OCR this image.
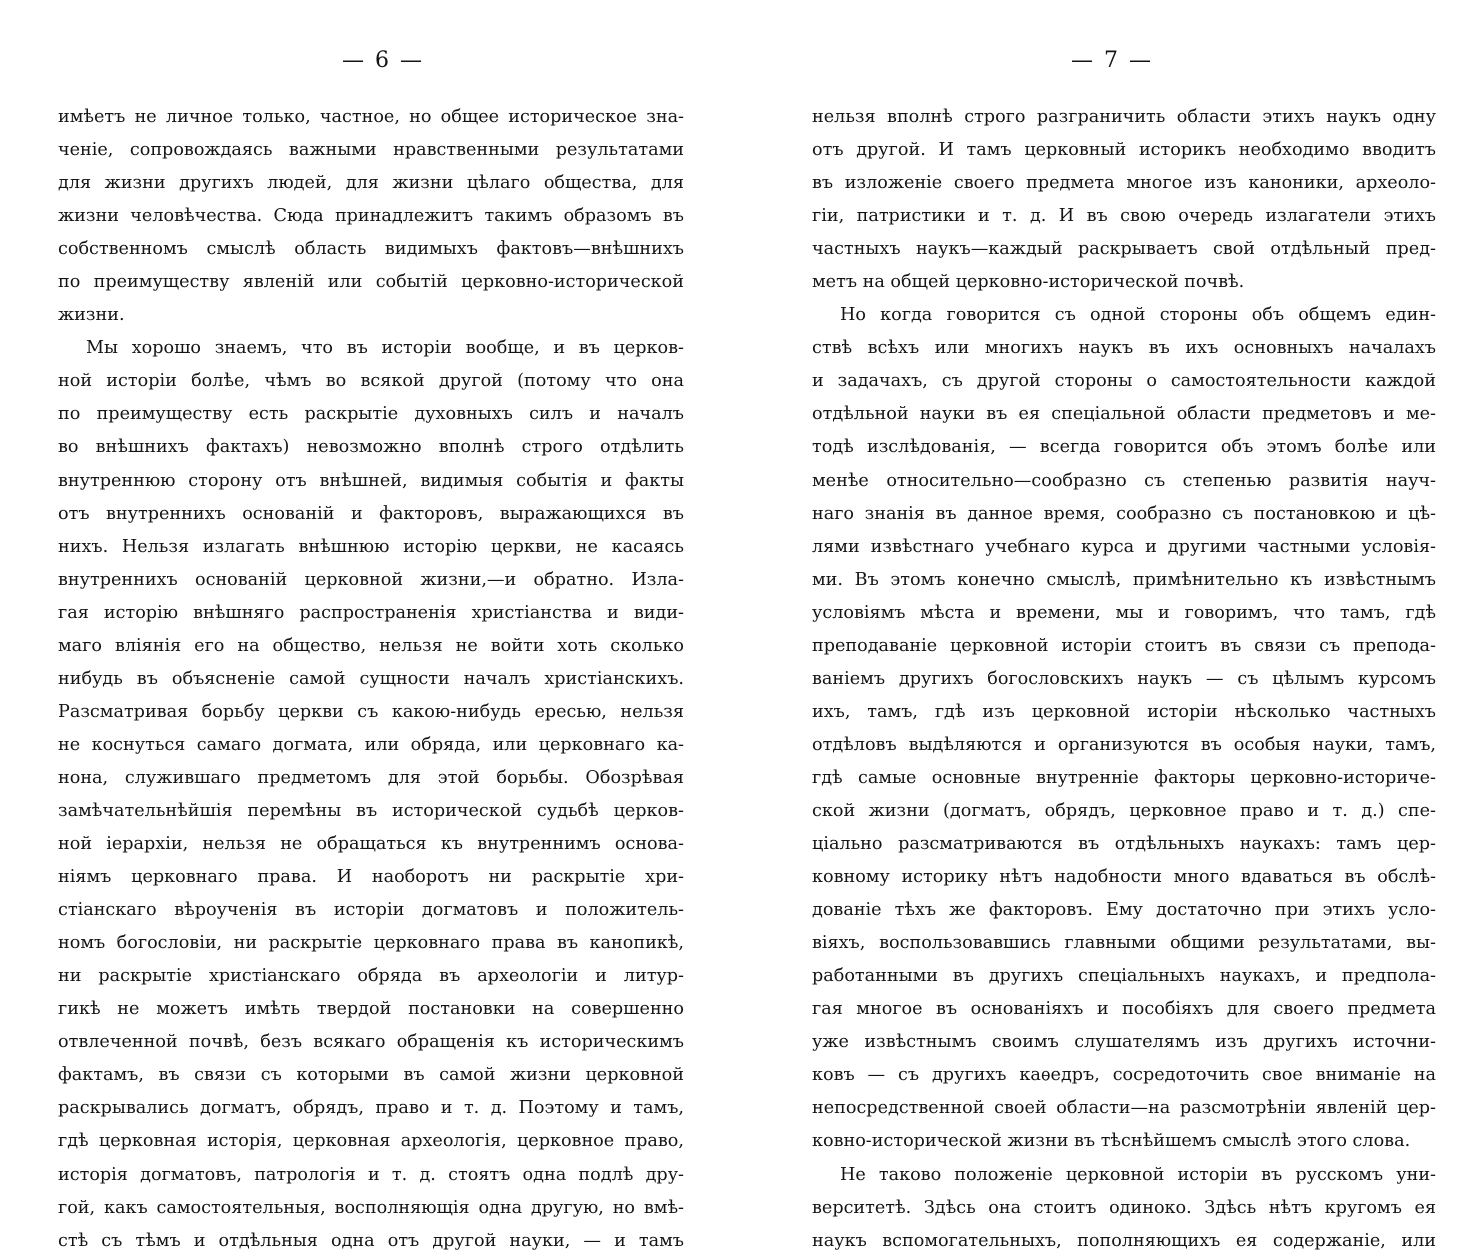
— 6 —
имѣетъ не личное только, частное, но общее историческое зна-
ченіе, сопровождаясь важными нравственными результатами
для жизни другихъ людей, для жизни цѣлаго общества, для
жизни человѣчества. Сюда принадлежитъ такимъ образомъ въ
собственномъ смыслѣ область видимыхъ фактовъ—внѣшнихъ
по преимуществу явленій или событій церковно-исторической
жизни.
Мы хорошо знаемъ, что въ исторіи вообще, и въ церков-
ной исторіи болѣе, чѣмъ во всякой другой (потому что она
по преимуществу есть раскрытіе духовныхъ силъ и началъ
во внѣшнихъ фактахъ) невозможно вполнѣ строго отдѣлить
внутреннюю сторону отъ внѣшней, видимыя событія и факты
отъ внутреннихъ основаній и факторовъ, выражающихся въ
нихъ. Нельзя излагать внѣшнюю исторію церкви, не касаясь
внутреннихъ основаній церковной жизни,—и обратно. Изла-
гая исторію внѣшняго распространенія христіанства и види-
маго вліянія его на общество, нельзя не войти хоть сколько
нибудь въ объясненіе самой сущности началъ христіанскихъ.
Разсматривая борьбу церкви съ какою-нибудь ересью, нельзя
не коснуться самаго догмата, или обряда, или церковнаго ка-
нона, служившаго предметомъ для этой борьбы. Обозрѣвая
замѣчательнѣйшія перемѣны въ исторической судьбѣ церков-
ной іерархіи, нельзя не обращаться къ внутреннимъ основа-
ніямъ церковнаго права. И наоборотъ ни раскрытіе хри-
стіанскаго вѣроученія въ исторіи догматовъ и положитель-
номъ богословіи, ни раскрытіе церковнаго права въ канопикѣ,
ни раскрытіе христіанскаго обряда въ археологіи и литур-
гикѣ не можетъ имѣть твердой постановки на совершенно
отвлеченной почвѣ, безъ всякаго обращенія къ историческимъ
фактамъ, въ связи съ которыми въ самой жизни церковной
раскрывались догматъ, обрядъ, право и т. д. Поэтому и тамъ,
гдѣ церковная исторія, церковная археологія, церковное право,
исторія догматовъ, патрологія и т. д. стоятъ одна подлѣ дру-
гой, какъ самостоятельныя, восполняющія одна другую, но вмѣ-
стѣ съ тѣмъ и отдѣльныя одна отъ другой науки, — и тамъ
— 7 —
нельзя вполнѣ строго разграничить области этихъ наукъ одну
отъ другой. И тамъ церковный историкъ необходимо вводитъ
въ изложеніе своего предмета многое изъ каноники, археоло-
гіи, патристики и т. д. И въ свою очередь излагатели этихъ
частныхъ наукъ—каждый раскрываетъ свой отдѣльный пред-
метъ на общей церковно-исторической почвѣ.
Но когда говорится съ одной стороны объ общемъ един-
ствѣ всѣхъ или многихъ наукъ въ ихъ основныхъ началахъ
и задачахъ, съ другой стороны о самостоятельности каждой
отдѣльной науки въ ея спеціальной области предметовъ и ме-
тодѣ изслѣдованія, — всегда говорится объ этомъ болѣе или
менѣе относительно—сообразно съ степенью развитія науч-
наго знанія въ данное время, сообразно съ постановкою и цѣ-
лями извѣстнаго учебнаго курса и другими частными условія-
ми. Въ этомъ конечно смыслѣ, примѣнительно къ извѣстнымъ
условіямъ мѣста и времени, мы и говоримъ, что тамъ, гдѣ
преподаваніе церковной исторіи стоитъ въ связи съ препода-
ваніемъ другихъ богословскихъ наукъ — съ цѣлымъ курсомъ
ихъ, тамъ, гдѣ изъ церковной исторіи нѣсколько частныхъ
отдѣловъ выдѣляются и организуются въ особыя науки, тамъ,
гдѣ самые основные внутренніе факторы церковно-историче-
ской жизни (догматъ, обрядъ, церковное право и т. д.) спе-
ціально разсматриваются въ отдѣльныхъ наукахъ: тамъ цер-
ковному историку нѣтъ надобности много вдаваться въ обслѣ-
дованіе тѣхъ же факторовъ. Ему достаточно при этихъ усло-
віяхъ, воспользовавшись главными общими результатами, вы-
работанными въ другихъ спеціальныхъ наукахъ, и предпола-
гая многое въ основаніяхъ и пособіяхъ для своего предмета
уже извѣстнымъ своимъ слушателямъ изъ другихъ источни-
ковъ — съ другихъ каѳедръ, сосредоточить свое вниманіе на
непосредственной своей области—на разсмотрѣніи явленій цер-
ковно-исторической жизни въ тѣснѣйшемъ смыслѣ этого слова.
Не таково положеніе церковной исторіи въ русскомъ уни-
верситетѣ. Здѣсь она стоитъ одиноко. Здѣсь нѣтъ кругомъ ея
наукъ вспомогательныхъ, пополняющихъ ея содержаніе, или
